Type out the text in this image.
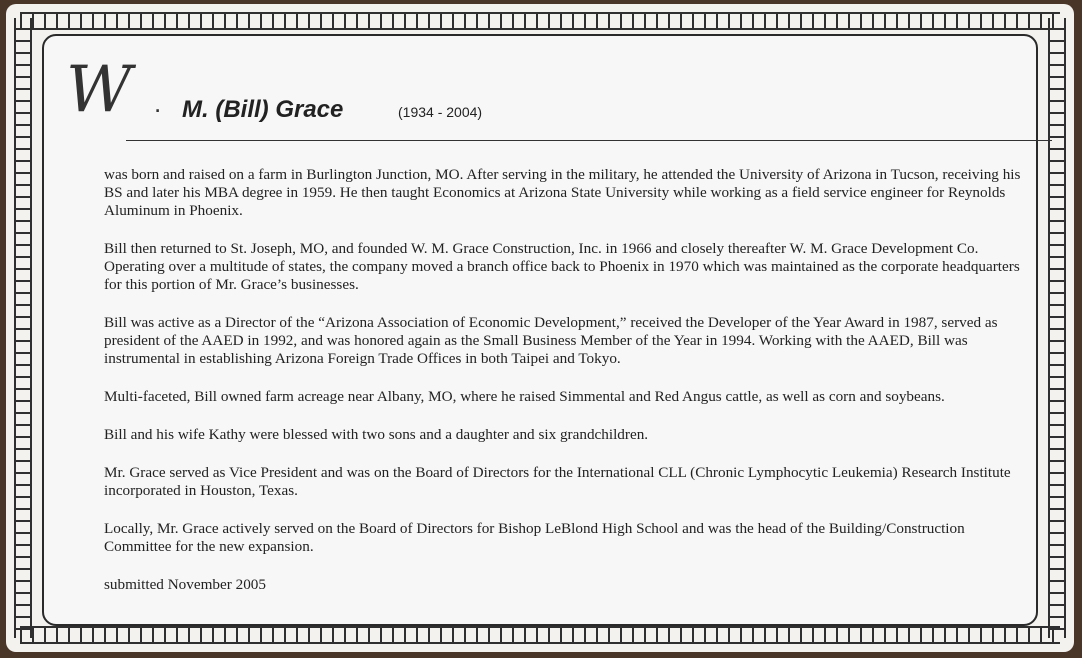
W . M. (Bill) Grace	(1934 - 2004)

was born and raised on a farm in Burlington Junction, MO. After serving in the military, he attended the University of Arizona in Tucson, receiving his BS and later his MBA degree in 1959. He then taught Economics at Arizona State University while working as a field service engineer for Reynolds Aluminum in Phoenix.

Bill then returned to St. Joseph, MO, and founded W. M. Grace Construction, Inc. in 1966 and closely thereafter W. M. Grace Development Co. Operating over a multitude of states, the company moved a branch office back to Phoenix in 1970 which was maintained as the corporate headquarters for this portion of Mr. Grace’s businesses.

Bill was active as a Director of the “Arizona Association of Economic Development,” received the Developer of the Year Award in 1987, served as president of the AAED in 1992, and was honored again as the Small Business Member of the Year in 1994. Working with the AAED, Bill was instrumental in establishing Arizona Foreign Trade Offices in both Taipei and Tokyo.

Multi-faceted, Bill owned farm acreage near Albany, MO, where he raised Simmental and Red Angus cattle, as well as corn and soybeans.

Bill and his wife Kathy were blessed with two sons and a daughter and six grandchildren.

Mr. Grace served as Vice President and was on the Board of Directors for the International CLL (Chronic Lymphocytic Leukemia) Research Institute incorporated in Houston, Texas.

Locally, Mr. Grace actively served on the Board of Directors for Bishop LeBlond High School and was the head of the Building/Construction Committee for the new expansion.

submitted November 2005
